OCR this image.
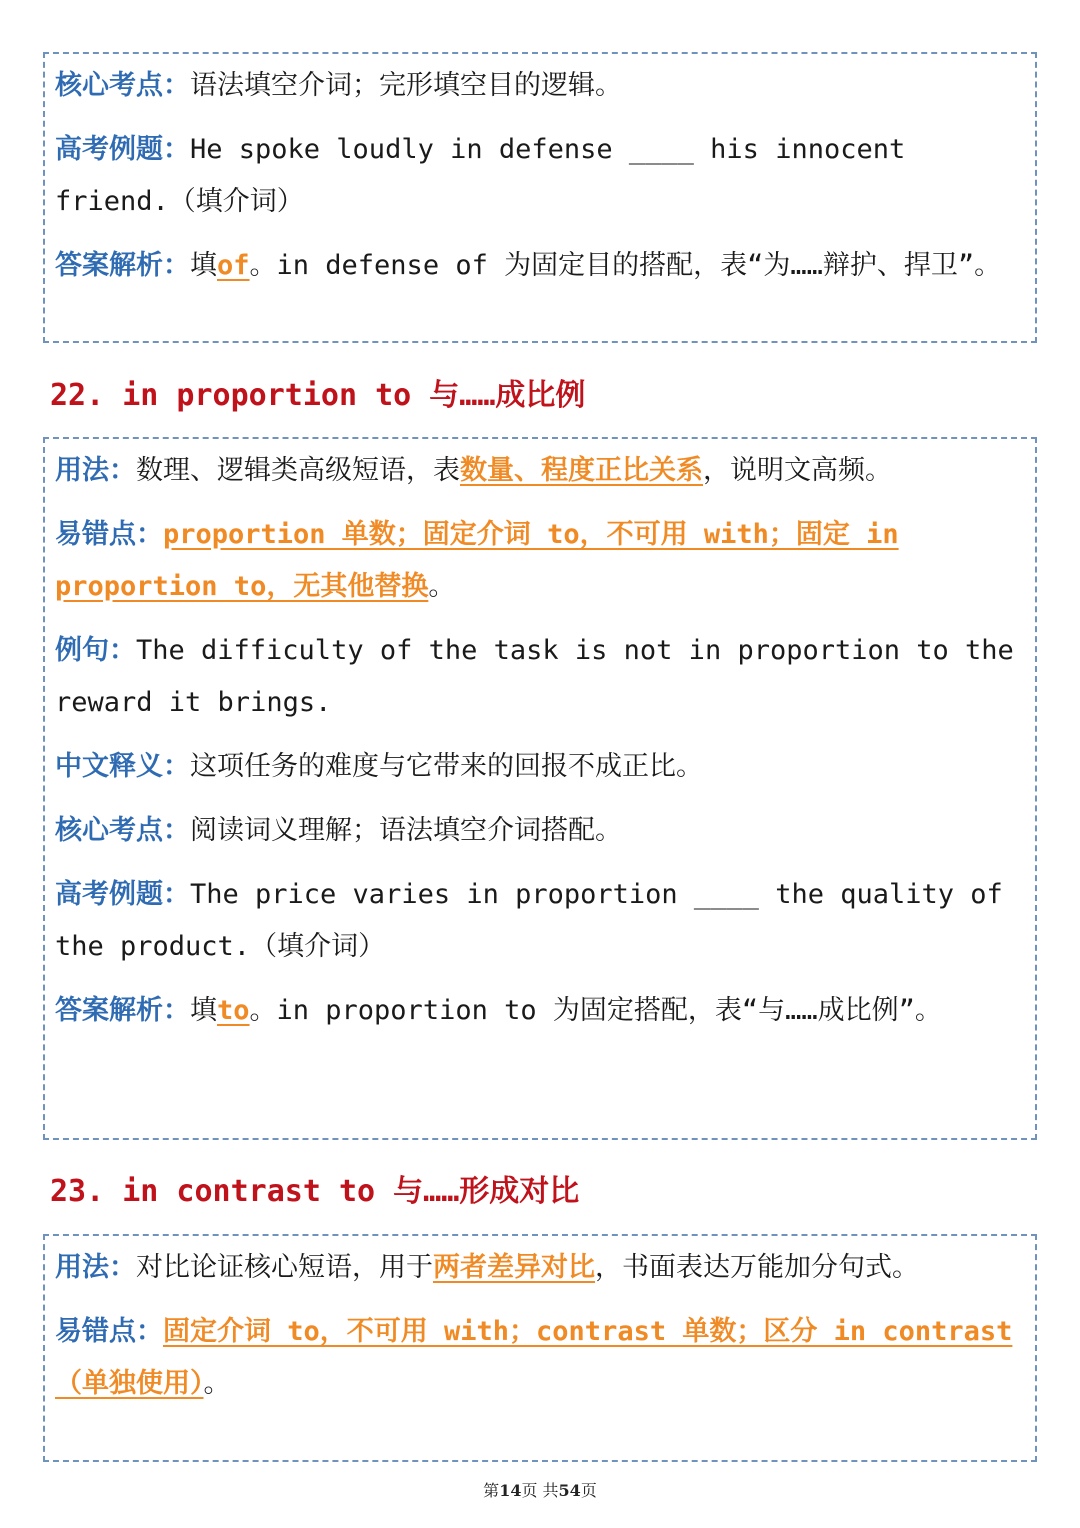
核心考点：语法填空介词；完形填空目的逻辑。
高考例题：He spoke loudly in defense ____ his innocent friend.（填介词）
答案解析：填of。in defense of 为固定目的搭配，表“为……辩护、捍卫”。
22. in proportion to 与……成比例
用法：数理、逻辑类高级短语，表数量、程度正比关系，说明文高频。
易错点：proportion 单数；固定介词 to，不可用 with；固定 in proportion to，无其他替换。
例句：The difficulty of the task is not in proportion to the reward it brings.
中文释义：这项任务的难度与它带来的回报不成正比。
核心考点：阅读词义理解；语法填空介词搭配。
高考例题：The price varies in proportion ____ the quality of the product.（填介词）
答案解析：填to。in proportion to 为固定搭配，表“与……成比例”。
23. in contrast to 与……形成对比
用法：对比论证核心短语，用于两者差异对比，书面表达万能加分句式。
易错点：固定介词 to，不可用 with；contrast 单数；区分 in contrast（单独使用）。
第14页 共54页
